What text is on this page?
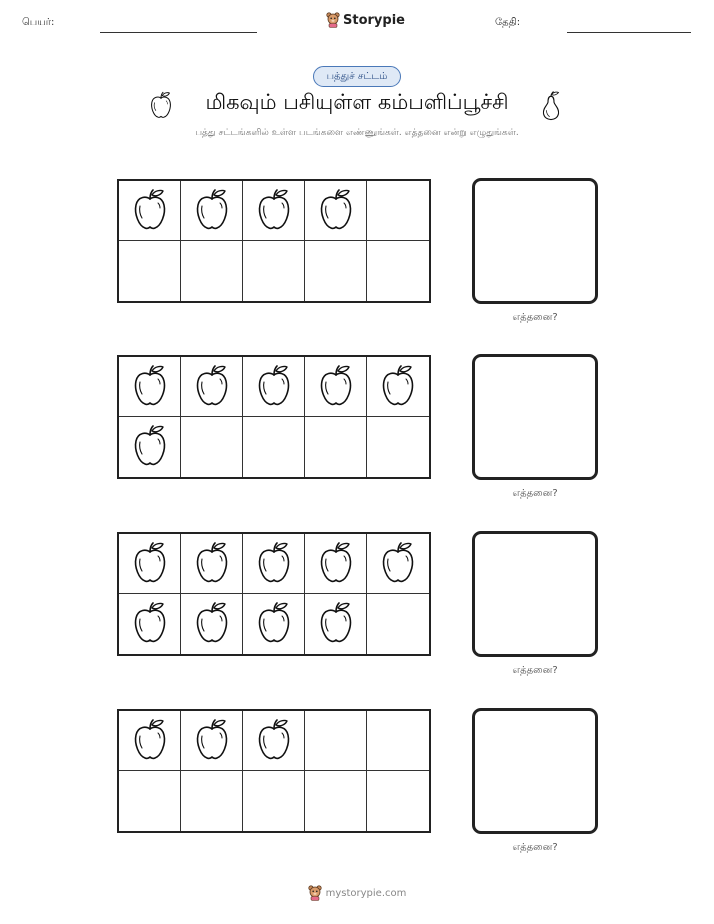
பெயர்:	Storypie	தேதி:
பத்துச் சட்டம்
மிகவும் பசியுள்ள கம்பளிப்பூச்சி
பத்து சட்டங்களில் உள்ள படங்களை எண்ணுங்கள். எத்தனை என்று எழுதுங்கள்.
எத்தனை?
எத்தனை?
எத்தனை?
எத்தனை?
mystorypie.com
